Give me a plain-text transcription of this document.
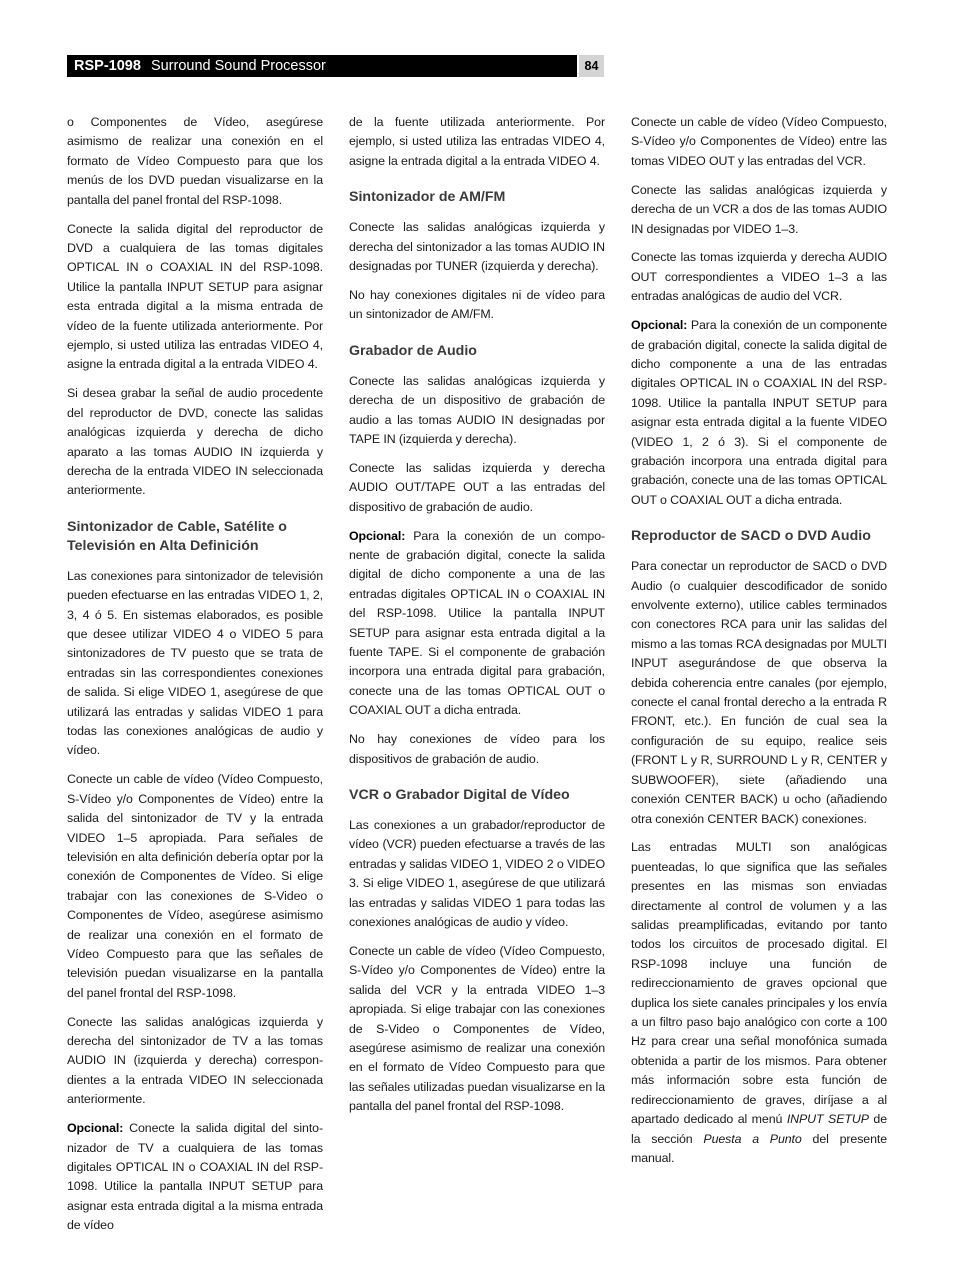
RSP-1098 Surround Sound Processor	84

o Componentes de Vídeo, asegúrese asimismo de realizar una conexión en el formato de Vídeo Compuesto para que los menús de los DVD puedan visualizarse en la pantalla del panel frontal del RSP-1098.

Conecte la salida digital del reproductor de DVD a cualquiera de las tomas digitales OPTICAL IN o COAXIAL IN del RSP-1098. Utilice la pantalla INPUT SETUP para asignar esta entrada digital a la misma entrada de vídeo de la fuente utilizada anteriormente. Por ejemplo, si usted utiliza las entradas VIDEO 4, asigne la entrada digital a la entrada VIDEO 4.

Si desea grabar la señal de audio procedente del reproductor de DVD, conecte las salidas analógicas izquierda y derecha de dicho aparato a las tomas AUDIO IN izquierda y derecha de la entrada VIDEO IN seleccionada anteriormente.

Sintonizador de Cable, Satélite o Televisión en Alta Definición

Las conexiones para sintonizador de televisión pueden efectuarse en las entradas VIDEO 1, 2, 3, 4 ó 5. En sistemas elaborados, es posible que desee utilizar VIDEO 4 o VIDEO 5 para sintonizadores de TV puesto que se trata de entradas sin las correspondientes conexiones de salida. Si elige VIDEO 1, asegúrese de que utilizará las entradas y salidas VIDEO 1 para todas las conexiones analógicas de audio y vídeo.

Conecte un cable de vídeo (Vídeo Compuesto, S-Vídeo y/o Componentes de Vídeo) entre la salida del sintonizador de TV y la entrada VIDEO 1–5 apropiada. Para señales de televisión en alta definición debería optar por la conexión de Componentes de Vídeo. Si elige trabajar con las conexiones de S-Video o Componentes de Vídeo, asegúrese asimismo de realizar una conexión en el formato de Vídeo Compuesto para que las señales de televisión puedan visualizarse en la pantalla del panel frontal del RSP-1098.

Conecte las salidas analógicas izquierda y derecha del sintonizador de TV a las tomas AUDIO IN (izquierda y derecha) correspon-dientes a la entrada VIDEO IN seleccionada anteriormente.

Opcional: Conecte la salida digital del sinto-nizador de TV a cualquiera de las tomas digitales OPTICAL IN o COAXIAL IN del RSP-1098. Utilice la pantalla INPUT SETUP para asignar esta entrada digital a la misma entrada de vídeo

de la fuente utilizada anteriormente. Por ejemplo, si usted utiliza las entradas VIDEO 4, asigne la entrada digital a la entrada VIDEO 4.

Sintonizador de AM/FM

Conecte las salidas analógicas izquierda y derecha del sintonizador a las tomas AUDIO IN designadas por TUNER (izquierda y derecha).

No hay conexiones digitales ni de vídeo para un sintonizador de AM/FM.

Grabador de Audio

Conecte las salidas analógicas izquierda y derecha de un dispositivo de grabación de audio a las tomas AUDIO IN designadas por TAPE IN (izquierda y derecha).

Conecte las salidas izquierda y derecha AUDIO OUT/TAPE OUT a las entradas del dispositivo de grabación de audio.

Opcional: Para la conexión de un compo-nente de grabación digital, conecte la salida digital de dicho componente a una de las entradas digitales OPTICAL IN o COAXIAL IN del RSP-1098. Utilice la pantalla INPUT SETUP para asignar esta entrada digital a la fuente TAPE. Si el componente de grabación incorpora una entrada digital para grabación, conecte una de las tomas OPTICAL OUT o COAXIAL OUT a dicha entrada.

No hay conexiones de vídeo para los dispositivos de grabación de audio.

VCR o Grabador Digital de Vídeo

Las conexiones a un grabador/reproductor de vídeo (VCR) pueden efectuarse a través de las entradas y salidas VIDEO 1, VIDEO 2 o VIDEO 3. Si elige VIDEO 1, asegúrese de que utilizará las entradas y salidas VIDEO 1 para todas las conexiones analógicas de audio y vídeo.

Conecte un cable de vídeo (Vídeo Compuesto, S-Vídeo y/o Componentes de Vídeo) entre la salida del VCR y la entrada VIDEO 1–3 apropiada. Si elige trabajar con las conexiones de S-Video o Componentes de Vídeo, asegúrese asimismo de realizar una conexión en el formato de Vídeo Compuesto para que las señales utilizadas puedan visualizarse en la pantalla del panel frontal del RSP-1098.

Conecte un cable de vídeo (Vídeo Compuesto, S-Vídeo y/o Componentes de Vídeo) entre las tomas VIDEO OUT y las entradas del VCR.

Conecte las salidas analógicas izquierda y derecha de un VCR a dos de las tomas AUDIO IN designadas por VIDEO 1–3.

Conecte las tomas izquierda y derecha AUDIO OUT correspondientes a VIDEO 1–3 a las entradas analógicas de audio del VCR.

Opcional: Para la conexión de un componente de grabación digital, conecte la salida digital de dicho componente a una de las entradas digitales OPTICAL IN o COAXIAL IN del RSP-1098. Utilice la pantalla INPUT SETUP para asignar esta entrada digital a la fuente VIDEO (VIDEO 1, 2 ó 3). Si el componente de grabación incorpora una entrada digital para grabación, conecte una de las tomas OPTICAL OUT o COAXIAL OUT a dicha entrada.

Reproductor de SACD o DVD Audio

Para conectar un reproductor de SACD o DVD Audio (o cualquier descodificador de sonido envolvente externo), utilice cables terminados con conectores RCA para unir las salidas del mismo a las tomas RCA designadas por MULTI INPUT asegurándose de que observa la debida coherencia entre canales (por ejemplo, conecte el canal frontal derecho a la entrada R FRONT, etc.). En función de cual sea la configuración de su equipo, realice seis (FRONT L y R, SURROUND L y R, CENTER y SUBWOOFER), siete (añadiendo una conexión CENTER BACK) u ocho (añadiendo otra conexión CENTER BACK) conexiones.

Las entradas MULTI son analógicas puenteadas, lo que significa que las señales presentes en las mismas son enviadas directamente al control de volumen y a las salidas preamplificadas, evitando por tanto todos los circuitos de procesado digital. El RSP-1098 incluye una función de redireccionamiento de graves opcional que duplica los siete canales principales y los envía a un filtro paso bajo analógico con corte a 100 Hz para crear una señal monofónica sumada obtenida a partir de los mismos. Para obtener más información sobre esta función de redireccionamiento de graves, diríjase a al apartado dedicado al menú INPUT SETUP de la sección Puesta a Punto del presente manual.
